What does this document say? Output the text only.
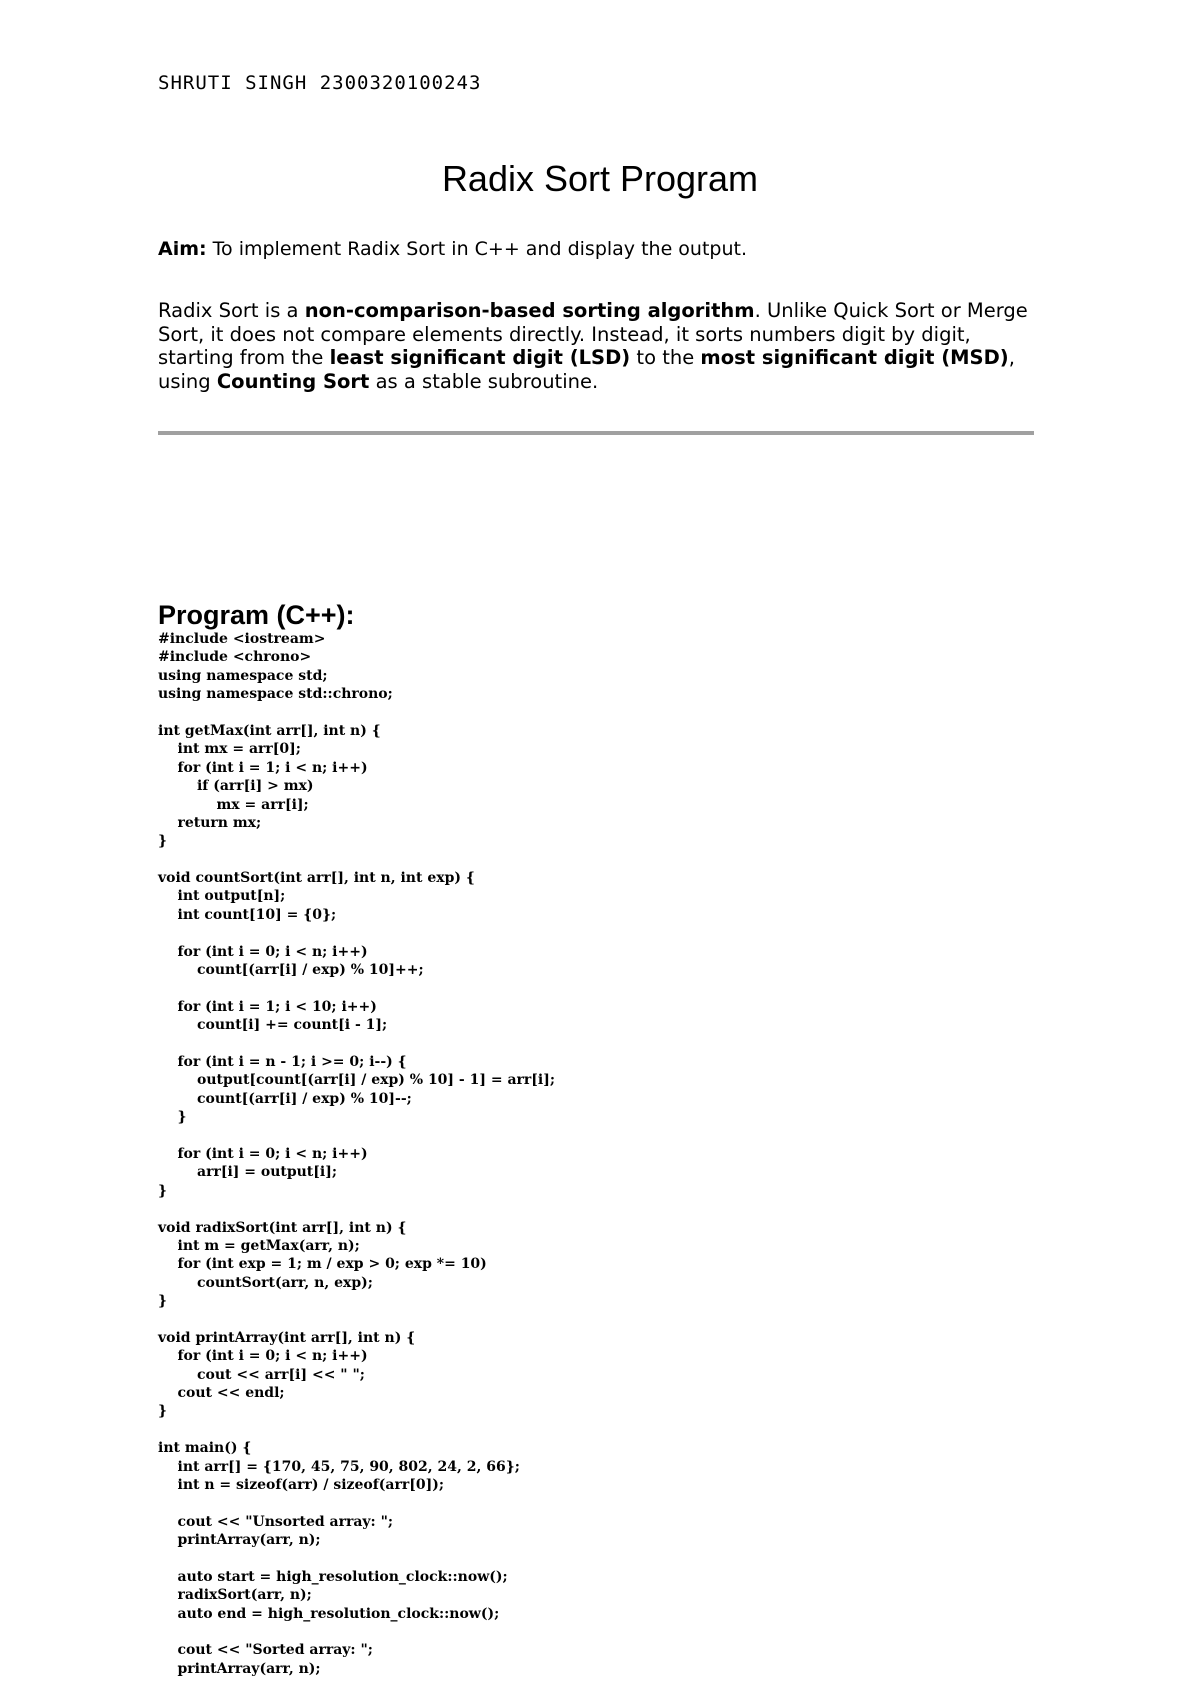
SHRUTI SINGH 2300320100243
Radix Sort Program
Aim: To implement Radix Sort in C++ and display the output.
Radix Sort is a non-comparison-based sorting algorithm. Unlike Quick Sort or Merge Sort, it does not compare elements directly. Instead, it sorts numbers digit by digit, starting from the least significant digit (LSD) to the most significant digit (MSD), using Counting Sort as a stable subroutine.
Program (C++):
#include <iostream>
#include <chrono>
using namespace std;
using namespace std::chrono;
int getMax(int arr[], int n) {
int mx = arr[0];
for (int i = 1; i < n; i++)
if (arr[i] > mx)
mx = arr[i];
return mx;
}
void countSort(int arr[], int n, int exp) {
int output[n];
int count[10] = {0};
for (int i = 0; i < n; i++)
count[(arr[i] / exp) % 10]++;
for (int i = 1; i < 10; i++)
count[i] += count[i - 1];
for (int i = n - 1; i >= 0; i--) {
output[count[(arr[i] / exp) % 10] - 1] = arr[i];
count[(arr[i] / exp) % 10]--;
}
for (int i = 0; i < n; i++)
arr[i] = output[i];
}
void radixSort(int arr[], int n) {
int m = getMax(arr, n);
for (int exp = 1; m / exp > 0; exp *= 10)
countSort(arr, n, exp);
}
void printArray(int arr[], int n) {
for (int i = 0; i < n; i++)
cout << arr[i] << " ";
cout << endl;
}
int main() {
int arr[] = {170, 45, 75, 90, 802, 24, 2, 66};
int n = sizeof(arr) / sizeof(arr[0]);
cout << "Unsorted array: ";
printArray(arr, n);
auto start = high_resolution_clock::now();
radixSort(arr, n);
auto end = high_resolution_clock::now();
cout << "Sorted array: ";
printArray(arr, n);
